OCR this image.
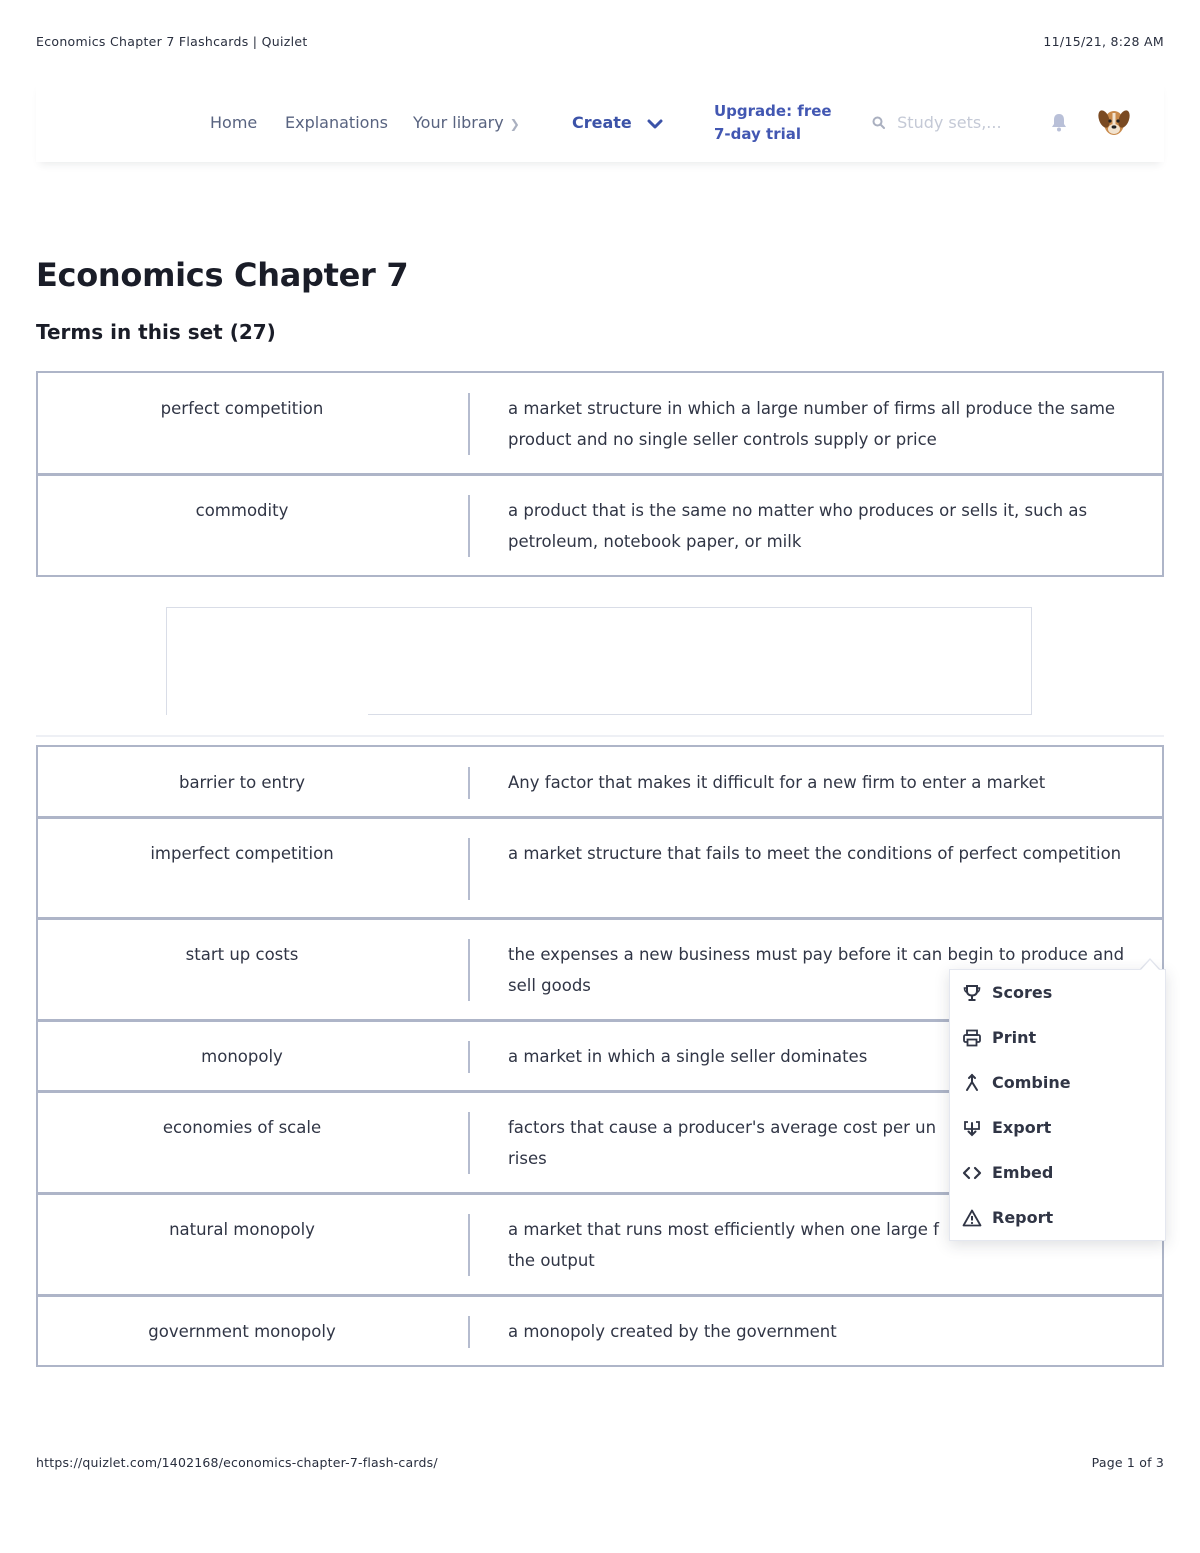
Economics Chapter 7 Flashcards | Quizlet	11/15/21, 8:28 AM
Home Explanations Your library ❯	Create
Upgrade: free
7-day trial
Study sets,...
Economics Chapter 7
Terms in this set (27)
perfect competition	a market structure in which a large number of firms all produce the same product and no single seller controls supply or price
commodity	a product that is the same no matter who produces or sells it, such as petroleum, notebook paper, or milk
barrier to entry	Any factor that makes it difficult for a new firm to enter a market
imperfect competition	a market structure that fails to meet the conditions of perfect competition
start up costs	the expenses a new business must pay before it can begin to produce and sell goods
monopoly	a market in which a single seller dominates
economies of scale	factors that cause a producer's average cost per un rises
natural monopoly	a market that runs most efficiently when one large f the output
government monopoly	a monopoly created by the government
Scores
Print
Combine
Export
Embed
Report
https://quizlet.com/1402168/economics-chapter-7-flash-cards/	Page 1 of 3
